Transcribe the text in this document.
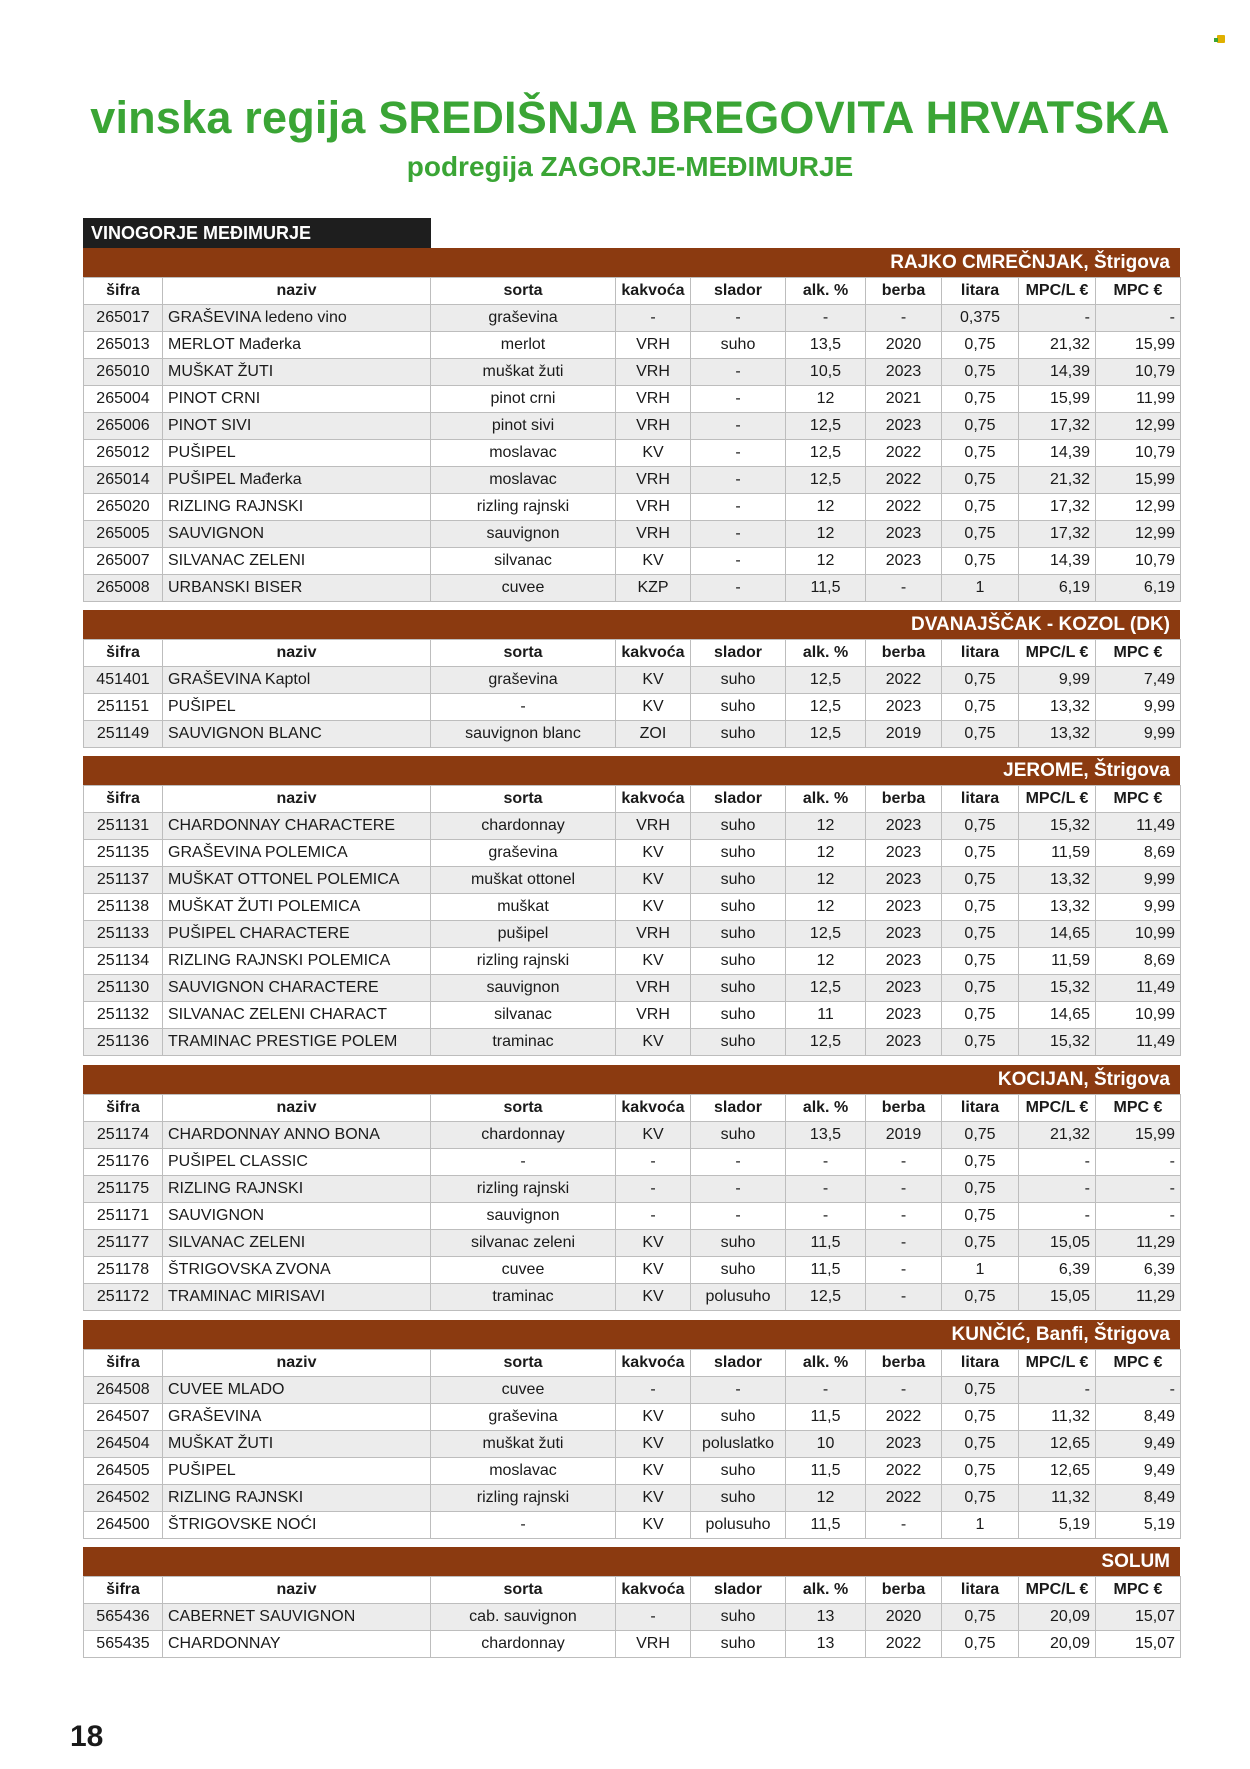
vinska regija SREDIŠNJA BREGOVITA HRVATSKA
podregija ZAGORJE-MEĐIMURJE
VINOGORJE MEĐIMURJE
RAJKO CMREČNJAK, Štrigova
šifra	naziv	sorta	kakvoća	slador	alk. %	berba	litara	MPC/L €	MPC €
265017	GRAŠEVINA ledeno vino	graševina	-	-	-	-	0,375	-	-
265013	MERLOT Mađerka	merlot	VRH	suho	13,5	2020	0,75	21,32	15,99
265010	MUŠKAT ŽUTI	muškat žuti	VRH	-	10,5	2023	0,75	14,39	10,79
265004	PINOT CRNI	pinot crni	VRH	-	12	2021	0,75	15,99	11,99
265006	PINOT SIVI	pinot sivi	VRH	-	12,5	2023	0,75	17,32	12,99
265012	PUŠIPEL	moslavac	KV	-	12,5	2022	0,75	14,39	10,79
265014	PUŠIPEL Mađerka	moslavac	VRH	-	12,5	2022	0,75	21,32	15,99
265020	RIZLING RAJNSKI	rizling rajnski	VRH	-	12	2022	0,75	17,32	12,99
265005	SAUVIGNON	sauvignon	VRH	-	12	2023	0,75	17,32	12,99
265007	SILVANAC ZELENI	silvanac	KV	-	12	2023	0,75	14,39	10,79
265008	URBANSKI BISER	cuvee	KZP	-	11,5	-	1	6,19	6,19
DVANAJŠČAK - KOZOL (DK)
šifra	naziv	sorta	kakvoća	slador	alk. %	berba	litara	MPC/L €	MPC €
451401	GRAŠEVINA Kaptol	graševina	KV	suho	12,5	2022	0,75	9,99	7,49
251151	PUŠIPEL	-	KV	suho	12,5	2023	0,75	13,32	9,99
251149	SAUVIGNON BLANC	sauvignon blanc	ZOI	suho	12,5	2019	0,75	13,32	9,99
JEROME, Štrigova
šifra	naziv	sorta	kakvoća	slador	alk. %	berba	litara	MPC/L €	MPC €
251131	CHARDONNAY CHARACTERE	chardonnay	VRH	suho	12	2023	0,75	15,32	11,49
251135	GRAŠEVINA POLEMICA	graševina	KV	suho	12	2023	0,75	11,59	8,69
251137	MUŠKAT OTTONEL POLEMICA	muškat ottonel	KV	suho	12	2023	0,75	13,32	9,99
251138	MUŠKAT ŽUTI POLEMICA	muškat	KV	suho	12	2023	0,75	13,32	9,99
251133	PUŠIPEL CHARACTERE	pušipel	VRH	suho	12,5	2023	0,75	14,65	10,99
251134	RIZLING RAJNSKI POLEMICA	rizling rajnski	KV	suho	12	2023	0,75	11,59	8,69
251130	SAUVIGNON CHARACTERE	sauvignon	VRH	suho	12,5	2023	0,75	15,32	11,49
251132	SILVANAC ZELENI CHARACT	silvanac	VRH	suho	11	2023	0,75	14,65	10,99
251136	TRAMINAC PRESTIGE POLEM	traminac	KV	suho	12,5	2023	0,75	15,32	11,49
KOCIJAN, Štrigova
šifra	naziv	sorta	kakvoća	slador	alk. %	berba	litara	MPC/L €	MPC €
251174	CHARDONNAY ANNO BONA	chardonnay	KV	suho	13,5	2019	0,75	21,32	15,99
251176	PUŠIPEL CLASSIC	-	-	-	-	-	0,75	-	-
251175	RIZLING RAJNSKI	rizling rajnski	-	-	-	-	0,75	-	-
251171	SAUVIGNON	sauvignon	-	-	-	-	0,75	-	-
251177	SILVANAC ZELENI	silvanac zeleni	KV	suho	11,5	-	0,75	15,05	11,29
251178	ŠTRIGOVSKA ZVONA	cuvee	KV	suho	11,5	-	1	6,39	6,39
251172	TRAMINAC MIRISAVI	traminac	KV	polusuho	12,5	-	0,75	15,05	11,29
KUNČIĆ, Banfi, Štrigova
šifra	naziv	sorta	kakvoća	slador	alk. %	berba	litara	MPC/L €	MPC €
264508	CUVEE MLADO	cuvee	-	-	-	-	0,75	-	-
264507	GRAŠEVINA	graševina	KV	suho	11,5	2022	0,75	11,32	8,49
264504	MUŠKAT ŽUTI	muškat žuti	KV	poluslatko	10	2023	0,75	12,65	9,49
264505	PUŠIPEL	moslavac	KV	suho	11,5	2022	0,75	12,65	9,49
264502	RIZLING RAJNSKI	rizling rajnski	KV	suho	12	2022	0,75	11,32	8,49
264500	ŠTRIGOVSKE NOĆI	-	KV	polusuho	11,5	-	1	5,19	5,19
SOLUM
šifra	naziv	sorta	kakvoća	slador	alk. %	berba	litara	MPC/L €	MPC €
565436	CABERNET SAUVIGNON	cab. sauvignon	-	suho	13	2020	0,75	20,09	15,07
565435	CHARDONNAY	chardonnay	VRH	suho	13	2022	0,75	20,09	15,07
18
